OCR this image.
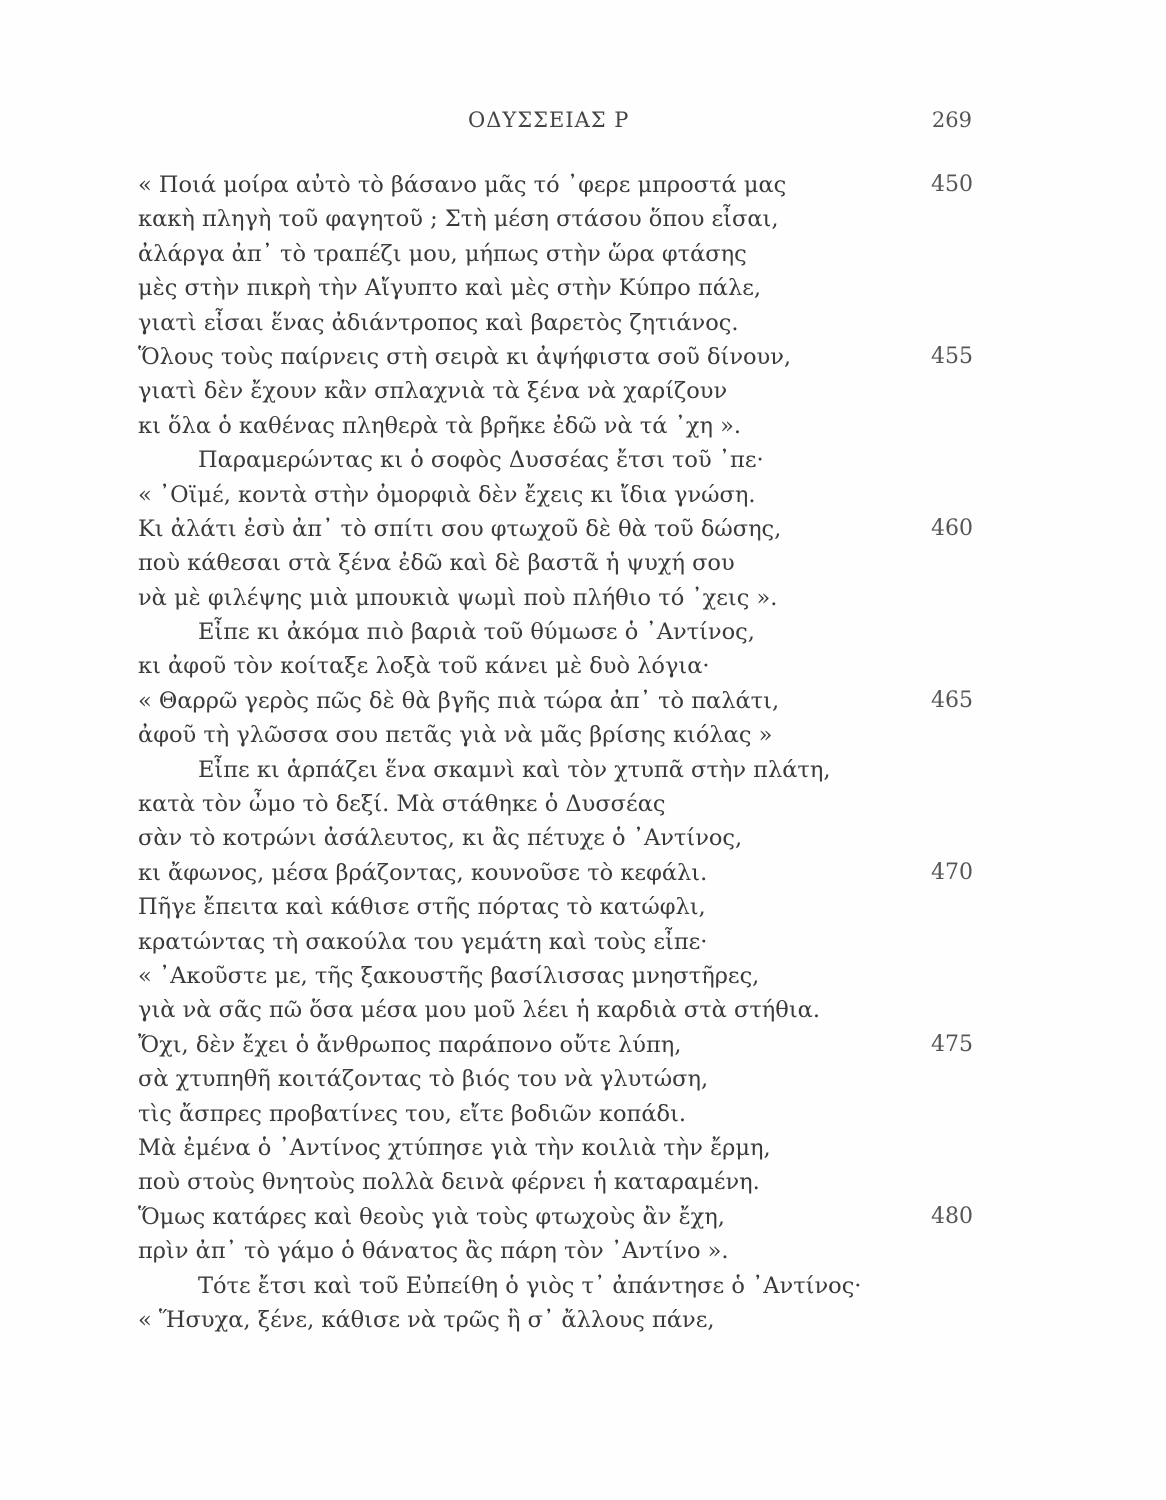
ΟΔΥΣΣΕΙΑΣ Ρ	269
« Ποιά μοίρα αὐτὸ τὸ βάσανο μᾶς τό ᾿φερε μπροστά μας	450
κακὴ πληγὴ τοῦ φαγητοῦ ; Στὴ μέση στάσου ὅπου εἶσαι,
ἀλάργα ἀπ᾿ τὸ τραπέζι μου, μήπως στὴν ὥρα φτάσης
μὲς στὴν πικρὴ τὴν Αἴγυπτο καὶ μὲς στὴν Κύπρο πάλε,
γιατὶ εἶσαι ἕνας ἀδιάντροπος καὶ βαρετὸς ζητιάνος.
Ὅλους τοὺς παίρνεις στὴ σειρὰ κι ἀψήφιστα σοῦ δίνουν,	455
γιατὶ δὲν ἔχουν κἂν σπλαχνιὰ τὰ ξένα νὰ χαρίζουν
κι ὅλα ὁ καθένας πληθερὰ τὰ βρῆκε ἐδῶ νὰ τά ᾿χη ».
Παραμερώντας κι ὁ σοφὸς Δυσσέας ἔτσι τοῦ ᾿πε·
« ᾿Οϊμέ, κοντὰ στὴν ὀμορφιὰ δὲν ἔχεις κι ἴδια γνώση.
Κι ἀλάτι ἐσὺ ἀπ᾿ τὸ σπίτι σου φτωχοῦ δὲ θὰ τοῦ δώσης,	460
ποὺ κάθεσαι στὰ ξένα ἐδῶ καὶ δὲ βαστᾶ ἡ ψυχή σου
νὰ μὲ φιλέψης μιὰ μπουκιὰ ψωμὶ ποὺ πλήθιο τό ᾿χεις ».
Εἶπε κι ἀκόμα πιὸ βαριὰ τοῦ θύμωσε ὁ ᾿Αντίνος,
κι ἀφοῦ τὸν κοίταξε λοξὰ τοῦ κάνει μὲ δυὸ λόγια·
« Θαρρῶ γερὸς πῶς δὲ θὰ βγῆς πιὰ τώρα ἀπ᾿ τὸ παλάτι,	465
ἀφοῦ τὴ γλῶσσα σου πετᾶς γιὰ νὰ μᾶς βρίσης κιόλας »
Εἶπε κι ἁρπάζει ἕνα σκαμνὶ καὶ τὸν χτυπᾶ στὴν πλάτη,
κατὰ τὸν ὦμο τὸ δεξί. Μὰ στάθηκε ὁ Δυσσέας
σὰν τὸ κοτρώνι ἀσάλευτος, κι ἂς πέτυχε ὁ ᾿Αντίνος,
κι ἄφωνος, μέσα βράζοντας, κουνοῦσε τὸ κεφάλι.	470
Πῆγε ἔπειτα καὶ κάθισε στῆς πόρτας τὸ κατώφλι,
κρατώντας τὴ σακούλα του γεμάτη καὶ τοὺς εἶπε·
« ᾿Ακοῦστε με, τῆς ξακουστῆς βασίλισσας μνηστῆρες,
γιὰ νὰ σᾶς πῶ ὅσα μέσα μου μοῦ λέει ἡ καρδιὰ στὰ στήθια.
Ὄχι, δὲν ἔχει ὁ ἄνθρωπος παράπονο οὔτε λύπη,	475
σὰ χτυπηθῆ κοιτάζοντας τὸ βιός του νὰ γλυτώση,
τὶς ἄσπρες προβατίνες του, εἴτε βοδιῶν κοπάδι.
Μὰ ἐμένα ὁ ᾿Αντίνος χτύπησε γιὰ τὴν κοιλιὰ τὴν ἔρμη,
ποὺ στοὺς θνητοὺς πολλὰ δεινὰ φέρνει ἡ καταραμένη.
Ὅμως κατάρες καὶ θεοὺς γιὰ τοὺς φτωχοὺς ἂν ἔχη,	480
πρὶν ἀπ᾿ τὸ γάμο ὁ θάνατος ἂς πάρη τὸν ᾿Αντίνο ».
Τότε ἔτσι καὶ τοῦ Εὐπείθη ὁ γιὸς τ᾿ ἀπάντησε ὁ ᾿Αντίνος·
« Ἥσυχα, ξένε, κάθισε νὰ τρῶς ἢ σ᾿ ἄλλους πάνε,
